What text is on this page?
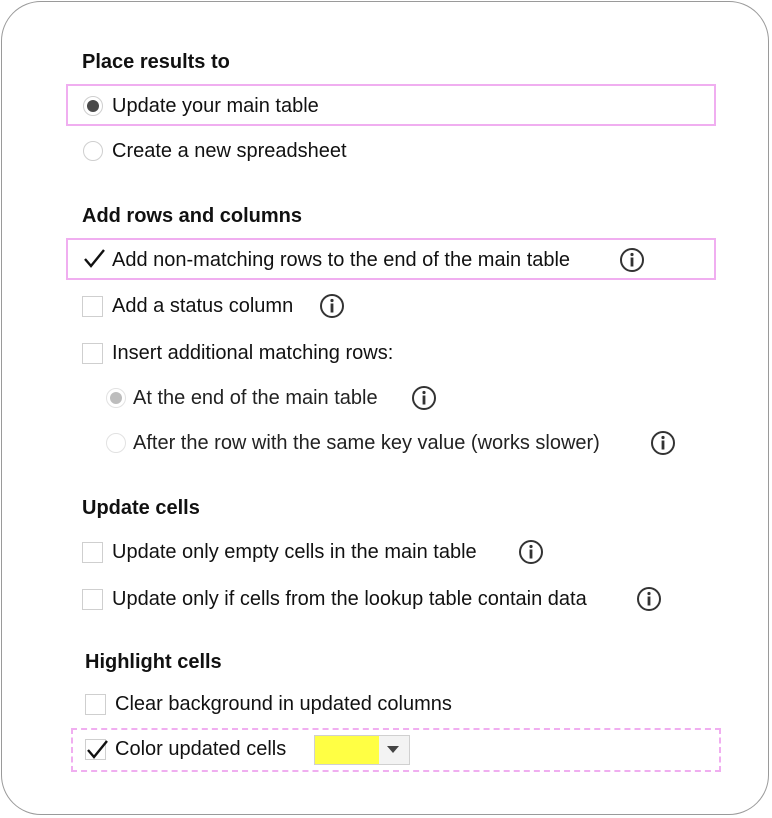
Place results to
Update your main table
Create a new spreadsheet
Add rows and columns
Add non-matching rows to the end of the main table
Add a status column
Insert additional matching rows:
At the end of the main table
After the row with the same key value (works slower)
Update cells
Update only empty cells in the main table
Update only if cells from the lookup table contain data
Highlight cells
Clear background in updated columns
Color updated cells
